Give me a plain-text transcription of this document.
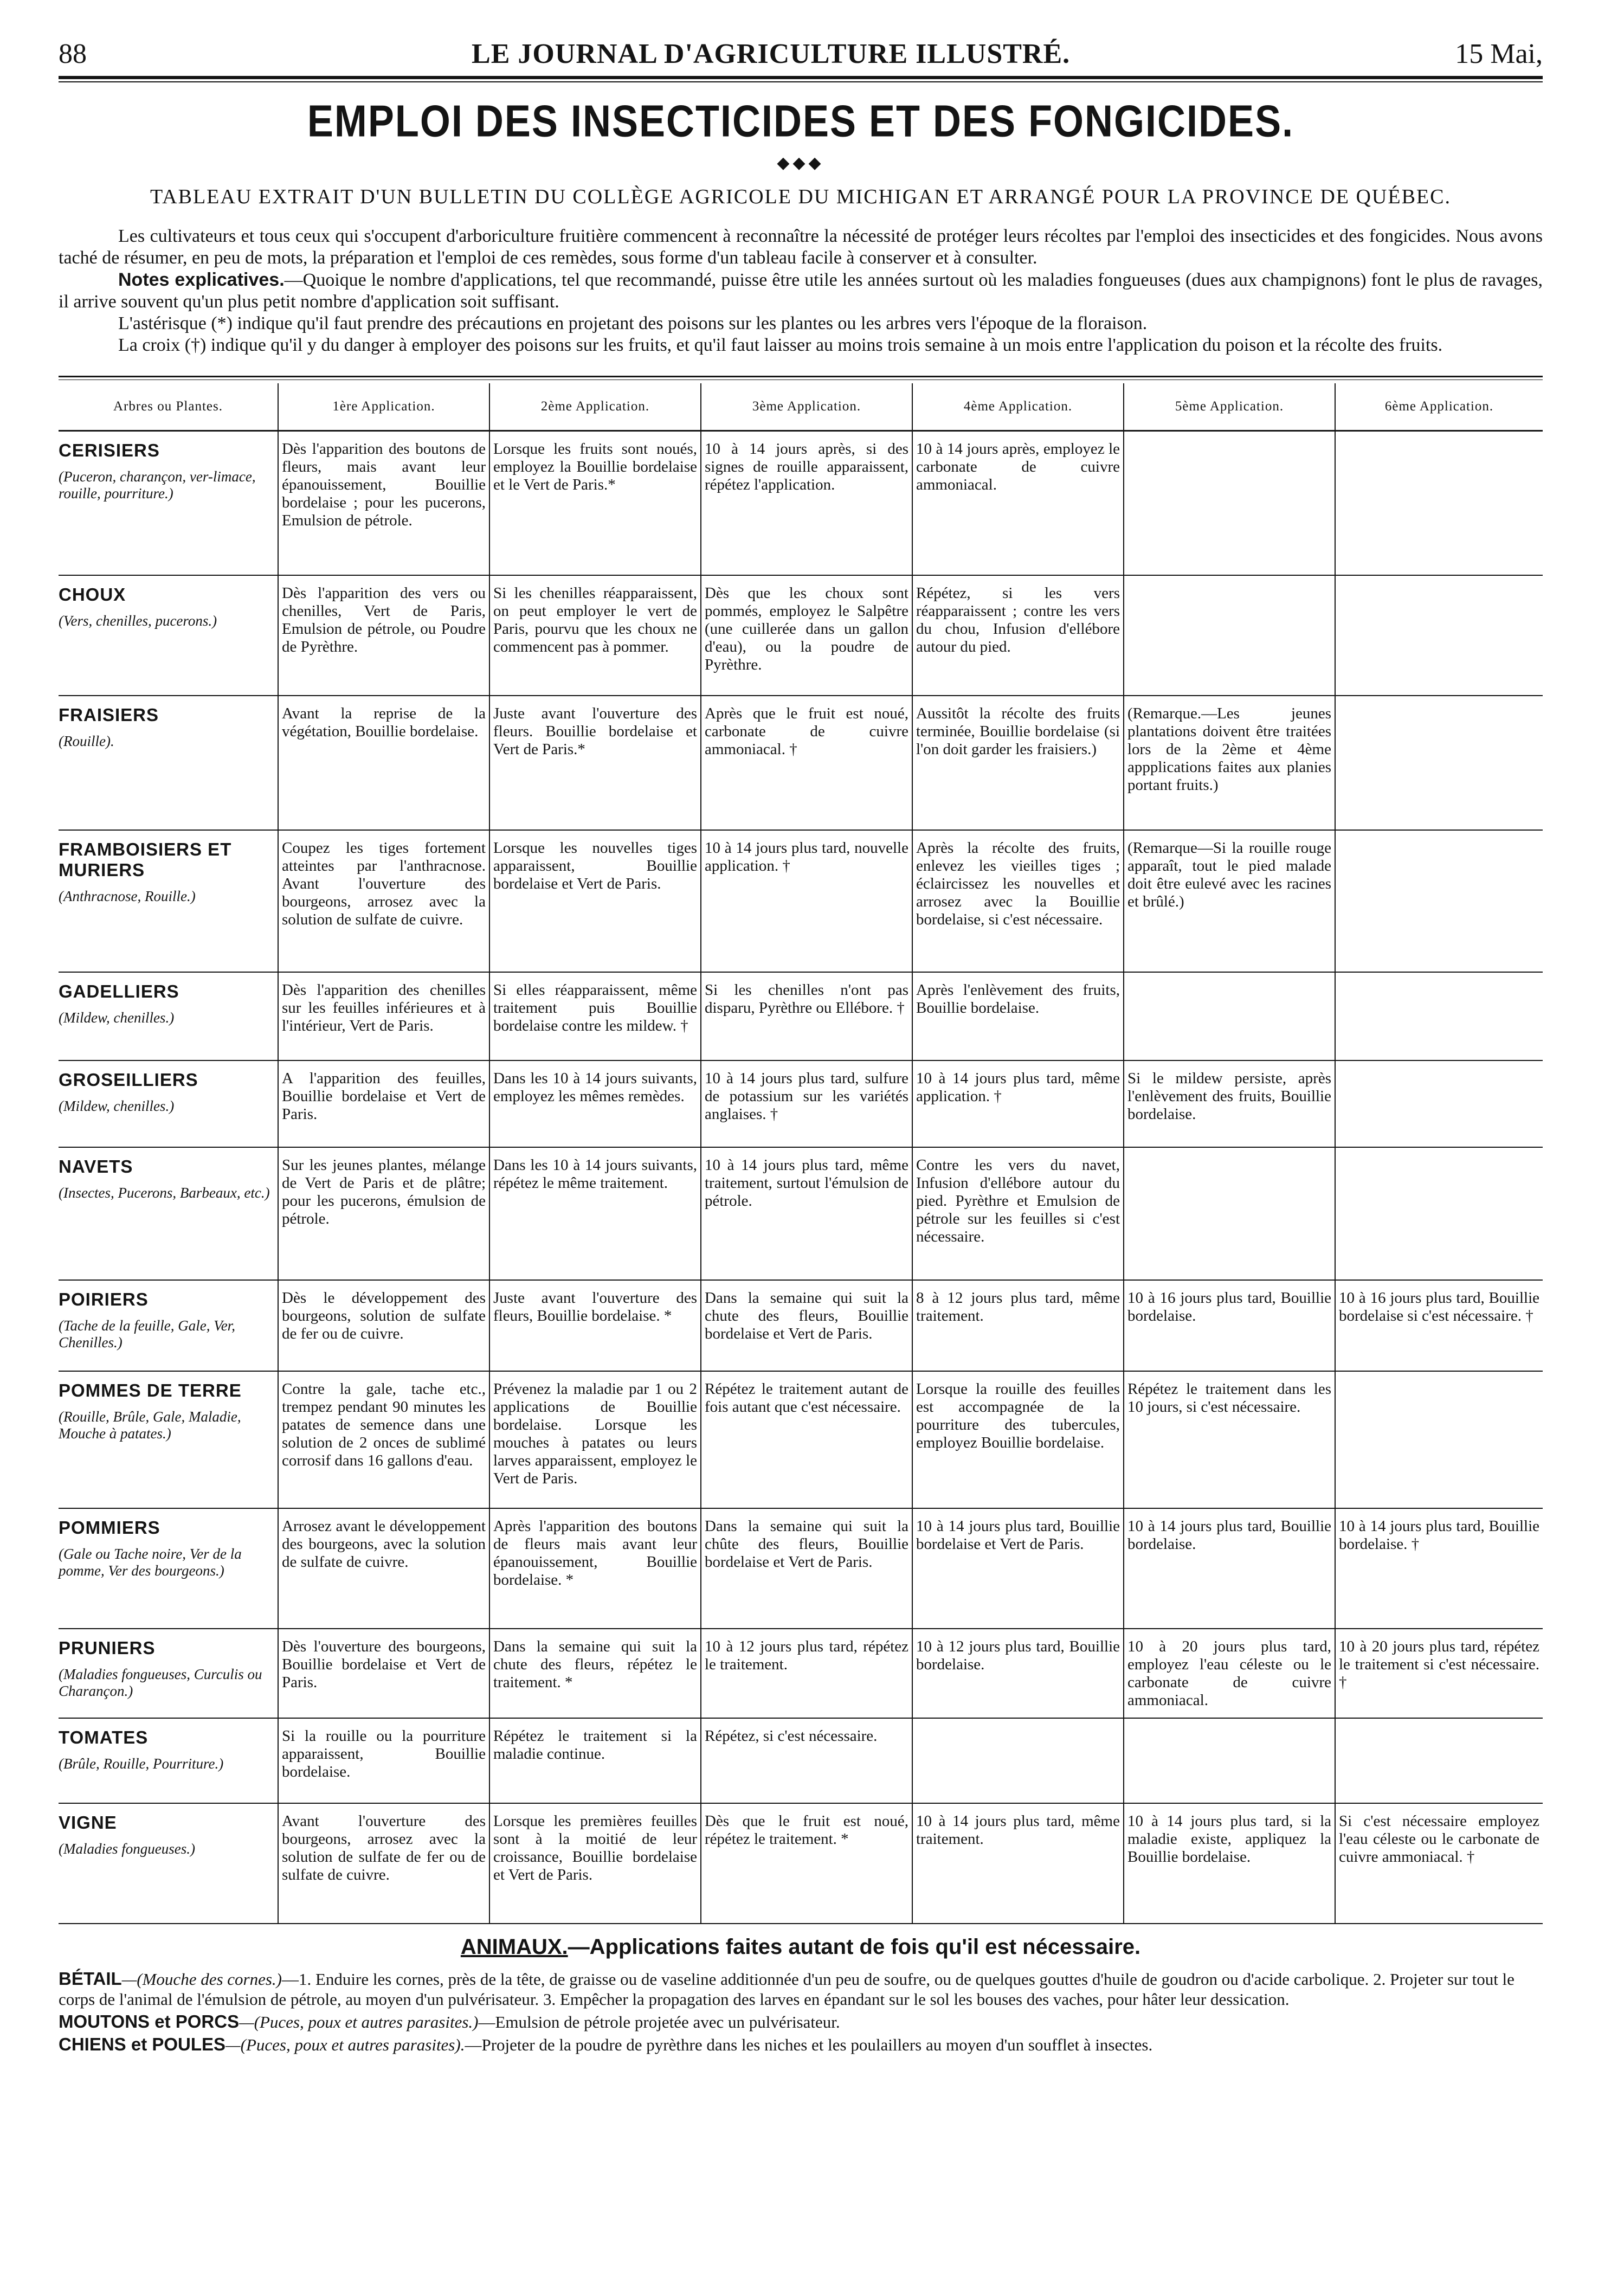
88	LE JOURNAL D'AGRICULTURE ILLUSTRÉ.	15 Mai,
EMPLOI DES INSECTICIDES ET DES FONGICIDES.
◆◆◆
TABLEAU EXTRAIT D'UN BULLETIN DU COLLÈGE AGRICOLE DU MICHIGAN ET ARRANGÉ POUR LA PROVINCE DE QUÉBEC.

Les cultivateurs et tous ceux qui s'occupent d'arboriculture fruitière commencent à reconnaître la nécessité de protéger leurs récoltes par l'emploi des insecticides et des fongicides. Nous avons taché de résumer, en peu de mots, la préparation et l'emploi de ces remèdes, sous forme d'un tableau facile à conserver et à consulter.

Notes explicatives.—Quoique le nombre d'applications, tel que recommandé, puisse être utile les années surtout où les maladies fongueuses (dues aux champignons) font le plus de ravages, il arrive souvent qu'un plus petit nombre d'application soit suffisant.

L'astérisque (*) indique qu'il faut prendre des précautions en projetant des poisons sur les plantes ou les arbres vers l'époque de la floraison.

La croix (†) indique qu'il y du danger à employer des poisons sur les fruits, et qu'il faut laisser au moins trois semaine à un mois entre l'application du poison et la récolte des fruits.

Arbres ou Plantes.	1ère Application.	2ème Application.	3ème Application.	4ème Application.	5ème Application.	6ème Application.

CERISIERS
(Puceron, charançon, ver-limace, rouille, pourriture.)	Dès l'apparition des boutons de fleurs, mais avant leur épanouissement, Bouillie bordelaise ; pour les pucerons, Emulsion de pétrole.	Lorsque les fruits sont noués, employez la Bouillie bordelaise et le Vert de Paris.*	10 à 14 jours après, si des signes de rouille apparaissent, répétez l'application.	10 à 14 jours après, employez le carbonate de cuivre ammoniacal.		

CHOUX
(Vers, chenilles, pucerons.)	Dès l'apparition des vers ou chenilles, Vert de Paris, Emulsion de pétrole, ou Poudre de Pyrèthre.	Si les chenilles réapparaissent, on peut employer le vert de Paris, pourvu que les choux ne commencent pas à pommer.	Dès que les choux sont pommés, employez le Salpêtre (une cuillerée dans un gallon d'eau), ou la poudre de Pyrèthre.	Répétez, si les vers réapparaissent ; contre les vers du chou, Infusion d'ellébore autour du pied.		

FRAISIERS
(Rouille).	Avant la reprise de la végétation, Bouillie bordelaise.	Juste avant l'ouverture des fleurs. Bouillie bordelaise et Vert de Paris.*	Après que le fruit est noué, carbonate de cuivre ammoniacal. †	Aussitôt la récolte des fruits terminée, Bouillie bordelaise (si l'on doit garder les fraisiers.)	(Remarque.—Les jeunes plantations doivent être traitées lors de la 2ème et 4ème appplications faites aux planies portant fruits.)	

FRAMBOISIERS ET MURIERS
(Anthracnose, Rouille.)	Coupez les tiges fortement atteintes par l'anthracnose. Avant l'ouverture des bourgeons, arrosez avec la solution de sulfate de cuivre.	Lorsque les nouvelles tiges apparaissent, Bouillie bordelaise et Vert de Paris.	10 à 14 jours plus tard, nouvelle application. †	Après la récolte des fruits, enlevez les vieilles tiges ; éclaircissez les nouvelles et arrosez avec la Bouillie bordelaise, si c'est nécessaire.	(Remarque—Si la rouille rouge apparaît, tout le pied malade doit être eulevé avec les racines et brûlé.)	

GADELLIERS
(Mildew, chenilles.)	Dès l'apparition des chenilles sur les feuilles inférieures et à l'intérieur, Vert de Paris.	Si elles réapparaissent, même traitement puis Bouillie bordelaise contre les mildew. †	Si les chenilles n'ont pas disparu, Pyrèthre ou Ellébore. †	Après l'enlèvement des fruits, Bouillie bordelaise.		

GROSEILLIERS
(Mildew, chenilles.)	A l'apparition des feuilles, Bouillie bordelaise et Vert de Paris.	Dans les 10 à 14 jours suivants, employez les mêmes remèdes.	10 à 14 jours plus tard, sulfure de potassium sur les variétés anglaises. †	10 à 14 jours plus tard, même application. †	Si le mildew persiste, après l'enlèvement des fruits, Bouillie bordelaise.	

NAVETS
(Insectes, Pucerons, Barbeaux, etc.)	Sur les jeunes plantes, mélange de Vert de Paris et de plâtre; pour les pucerons, émulsion de pétrole.	Dans les 10 à 14 jours suivants, répétez le même traitement.	10 à 14 jours plus tard, même traitement, surtout l'émulsion de pétrole.	Contre les vers du navet, Infusion d'ellébore autour du pied. Pyrèthre et Emulsion de pétrole sur les feuilles si c'est nécessaire.		

POIRIERS
(Tache de la feuille, Gale, Ver, Chenilles.)	Dès le développement des bourgeons, solution de sulfate de fer ou de cuivre.	Juste avant l'ouverture des fleurs, Bouillie bordelaise. *	Dans la semaine qui suit la chute des fleurs, Bouillie bordelaise et Vert de Paris.	8 à 12 jours plus tard, même traitement.	10 à 16 jours plus tard, Bouillie bordelaise.	10 à 16 jours plus tard, Bouillie bordelaise si c'est nécessaire. †

POMMES DE TERRE
(Rouille, Brûle, Gale, Maladie, Mouche à patates.)	Contre la gale, tache etc., trempez pendant 90 minutes les patates de semence dans une solution de 2 onces de sublimé corrosif dans 16 gallons d'eau.	Prévenez la maladie par 1 ou 2 applications de Bouillie bordelaise. Lorsque les mouches à patates ou leurs larves apparaissent, employez le Vert de Paris.	Répétez le traitement autant de fois autant que c'est nécessaire.	Lorsque la rouille des feuilles est accompagnée de la pourriture des tubercules, employez Bouillie bordelaise.	Répétez le traitement dans les 10 jours, si c'est nécessaire.	

POMMIERS
(Gale ou Tache noire, Ver de la pomme, Ver des bourgeons.)	Arrosez avant le développement des bourgeons, avec la solution de sulfate de cuivre.	Après l'apparition des boutons de fleurs mais avant leur épanouissement, Bouillie bordelaise. *	Dans la semaine qui suit la chûte des fleurs, Bouillie bordelaise et Vert de Paris.	10 à 14 jours plus tard, Bouillie bordelaise et Vert de Paris.	10 à 14 jours plus tard, Bouillie bordelaise.	10 à 14 jours plus tard, Bouillie bordelaise. †

PRUNIERS
(Maladies fongueuses, Curculis ou Charançon.)	Dès l'ouverture des bourgeons, Bouillie bordelaise et Vert de Paris.	Dans la semaine qui suit la chute des fleurs, répétez le traitement. *	10 à 12 jours plus tard, répétez le traitement.	10 à 12 jours plus tard, Bouillie bordelaise.	10 à 20 jours plus tard, employez l'eau céleste ou le carbonate de cuivre ammoniacal.	10 à 20 jours plus tard, répétez le traitement si c'est nécessaire. †

TOMATES
(Brûle, Rouille, Pourriture.)	Si la rouille ou la pourriture apparaissent, Bouillie bordelaise.	Répétez le traitement si la maladie continue.	Répétez, si c'est nécessaire.			

VIGNE
(Maladies fongueuses.)	Avant l'ouverture des bourgeons, arrosez avec la solution de sulfate de fer ou de sulfate de cuivre.	Lorsque les premières feuilles sont à la moitié de leur croissance, Bouillie bordelaise et Vert de Paris.	Dès que le fruit est noué, répétez le traitement. *	10 à 14 jours plus tard, même traitement.	10 à 14 jours plus tard, si la maladie existe, appliquez la Bouillie bordelaise.	Si c'est nécessaire employez l'eau céleste ou le carbonate de cuivre ammoniacal. †
ANIMAUX.—Applications faites autant de fois qu'il est nécessaire.

BÉTAIL—(Mouche des cornes.)—1. Enduire les cornes, près de la tête, de graisse ou de vaseline additionnée d'un peu de soufre, ou de quelques gouttes d'huile de goudron ou d'acide carbolique. 2. Projeter sur tout le corps de l'animal de l'émulsion de pétrole, au moyen d'un pulvérisateur. 3. Empêcher la propagation des larves en épandant sur le sol les bouses des vaches, pour hâter leur dessication.

MOUTONS et PORCS—(Puces, poux et autres parasites.)—Emulsion de pétrole projetée avec un pulvérisateur.

CHIENS et POULES—(Puces, poux et autres parasites).—Projeter de la poudre de pyrèthre dans les niches et les poulaillers au moyen d'un soufflet à insectes.
